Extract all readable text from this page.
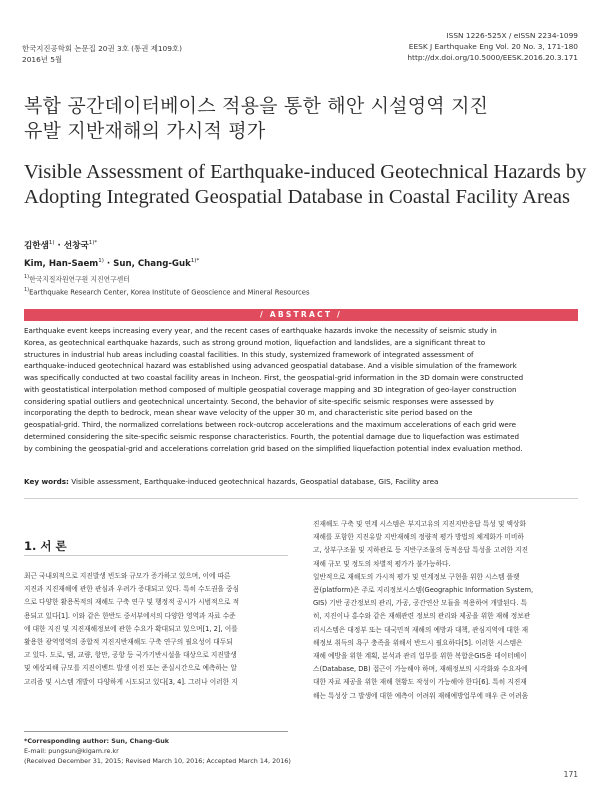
한국지진공학회 논문집 20권 3호 (통권 제109호)
2016년 5월
ISSN 1226-525X / eISSN 2234-1099
EESK J Earthquake Eng Vol. 20 No. 3, 171-180
http://dx.doi.org/10.5000/EESK.2016.20.3.171
복합 공간데이터베이스 적용을 통한 해안 시설영역 지진
유발 지반재해의 가시적 평가
Visible Assessment of Earthquake-induced Geotechnical Hazards by
Adopting Integrated Geospatial Database in Coastal Facility Areas
김한샘$^{1)}$ · 선창국$^{1)*}$
Kim, Han-Saem$^{1)}$ · Sun, Chang-Guk$^{1)*}$
$^{1)}$한국지질자원연구원 지진연구센터
$^{1)}$Earthquake Research Center, Korea Institute of Geoscience and Mineral Resources
/ ABSTRACT /
Earthquake event keeps increasing every year, and the recent cases of earthquake hazards invoke the necessity of seismic study in
Korea, as geotechnical earthquake hazards, such as strong ground motion, liquefaction and landslides, are a significant threat to
structures in industrial hub areas including coastal facilities. In this study, systemized framework of integrated assessment of
earthquake-induced geotechnical hazard was established using advanced geospatial database. And a visible simulation of the framework
was specifically conducted at two coastal facility areas in Incheon. First, the geospatial-grid information in the 3D domain were constructed
with geostatistical interpolation method composed of multiple geospatial coverage mapping and 3D integration of geo-layer construction
considering spatial outliers and geotechnical uncertainty. Second, the behavior of site-specific seismic responses were assessed by
incorporating the depth to bedrock, mean shear wave velocity of the upper 30 m, and characteristic site period based on the
geospatial-grid. Third, the normalized correlations between rock-outcrop accelerations and the maximum accelerations of each grid were
determined considering the site-specific seismic response characteristics. Fourth, the potential damage due to liquefaction was estimated
by combining the geospatial-grid and accelerations correlation grid based on the simplified liquefaction potential index evaluation method.
Key words: Visible assessment, Earthquake-induced geotechnical hazards, Geospatial database, GIS, Facility area
1. 서 론
최근 국내외적으로 지진발생 빈도와 규모가 증가하고 있으며, 이에 따른
지진과 지진재해에 관한 관심과 우려가 증대되고 있다. 특히 수도권을 중심
으로 다양한 활용목적의 재해도 구축 연구 및 행정적 공시가 시범적으로 적
용되고 있다[1]. 이와 같은 한반도 중서부에서의 다양한 영역과 자료 수준
에 대한 지진 및 지진재해정보에 관한 수요가 확대되고 있으며[1, 2], 이를
활용한 광역영역의 종합적 지진지반재해도 구축 연구의 필요성이 대두되
고 있다. 도로, 댐, 교량, 항만, 공항 등 국가기반시설을 대상으로 지진발생
및 예상피해 규모를 지진이벤트 발생 이전 또는 준실시간으로 예측하는 알
고리즘 및 시스템 개발이 다양하게 시도되고 있다[3, 4]. 그러나 이러한 지
진재해도 구축 및 연계 시스템은 부지고유의 지진지반응답 특성 및 액상화
재해를 포함한 지진유발 지반재해의 정량적 평가 방법의 체계화가 미비하
고, 상부구조물 및 지하관로 등 지반구조물의 동적응답 특성을 고려한 지진
재해 규모 및 정도의 차별적 평가가 불가능하다.
일반적으로 재해도의 가시적 평가 및 연계정보 구현을 위한 시스템 플랫
폼(platform)은 주로 지리정보시스템(Geographic Information System,
GIS) 기반 공간정보의 관리, 가공, 공간연산 모듈을 적용하여 개발된다. 특
히, 지진이나 홍수와 같은 재해관련 정보의 관리와 제공을 위한 재해 정보관
리시스템은 대정부 또는 대국민적 재해의 예방과 대책, 관심지역에 대한 재
해정보 취득의 욕구 충족을 위해서 반드시 필요하다[5]. 이러한 시스템은
재해 예방을 위한 계획, 분석과 관리 업무를 위한 복합운GIS용 데이터베이
스(Database, DB) 접근이 가능해야 하며, 재해정보의 시각화와 수요자에
대한 자료 제공을 위한 재해 현황도 작성이 가능해야 한다[6]. 특히 지진재
해는 특성상 그 발생에 대한 예측이 어려워 재해예방업무에 매우 큰 어려움
*Corresponding author: Sun, Chang-Guk
E-mail: pungsun@kigam.re.kr
(Received December 31, 2015; Revised March 10, 2016; Accepted March 14, 2016)
171
